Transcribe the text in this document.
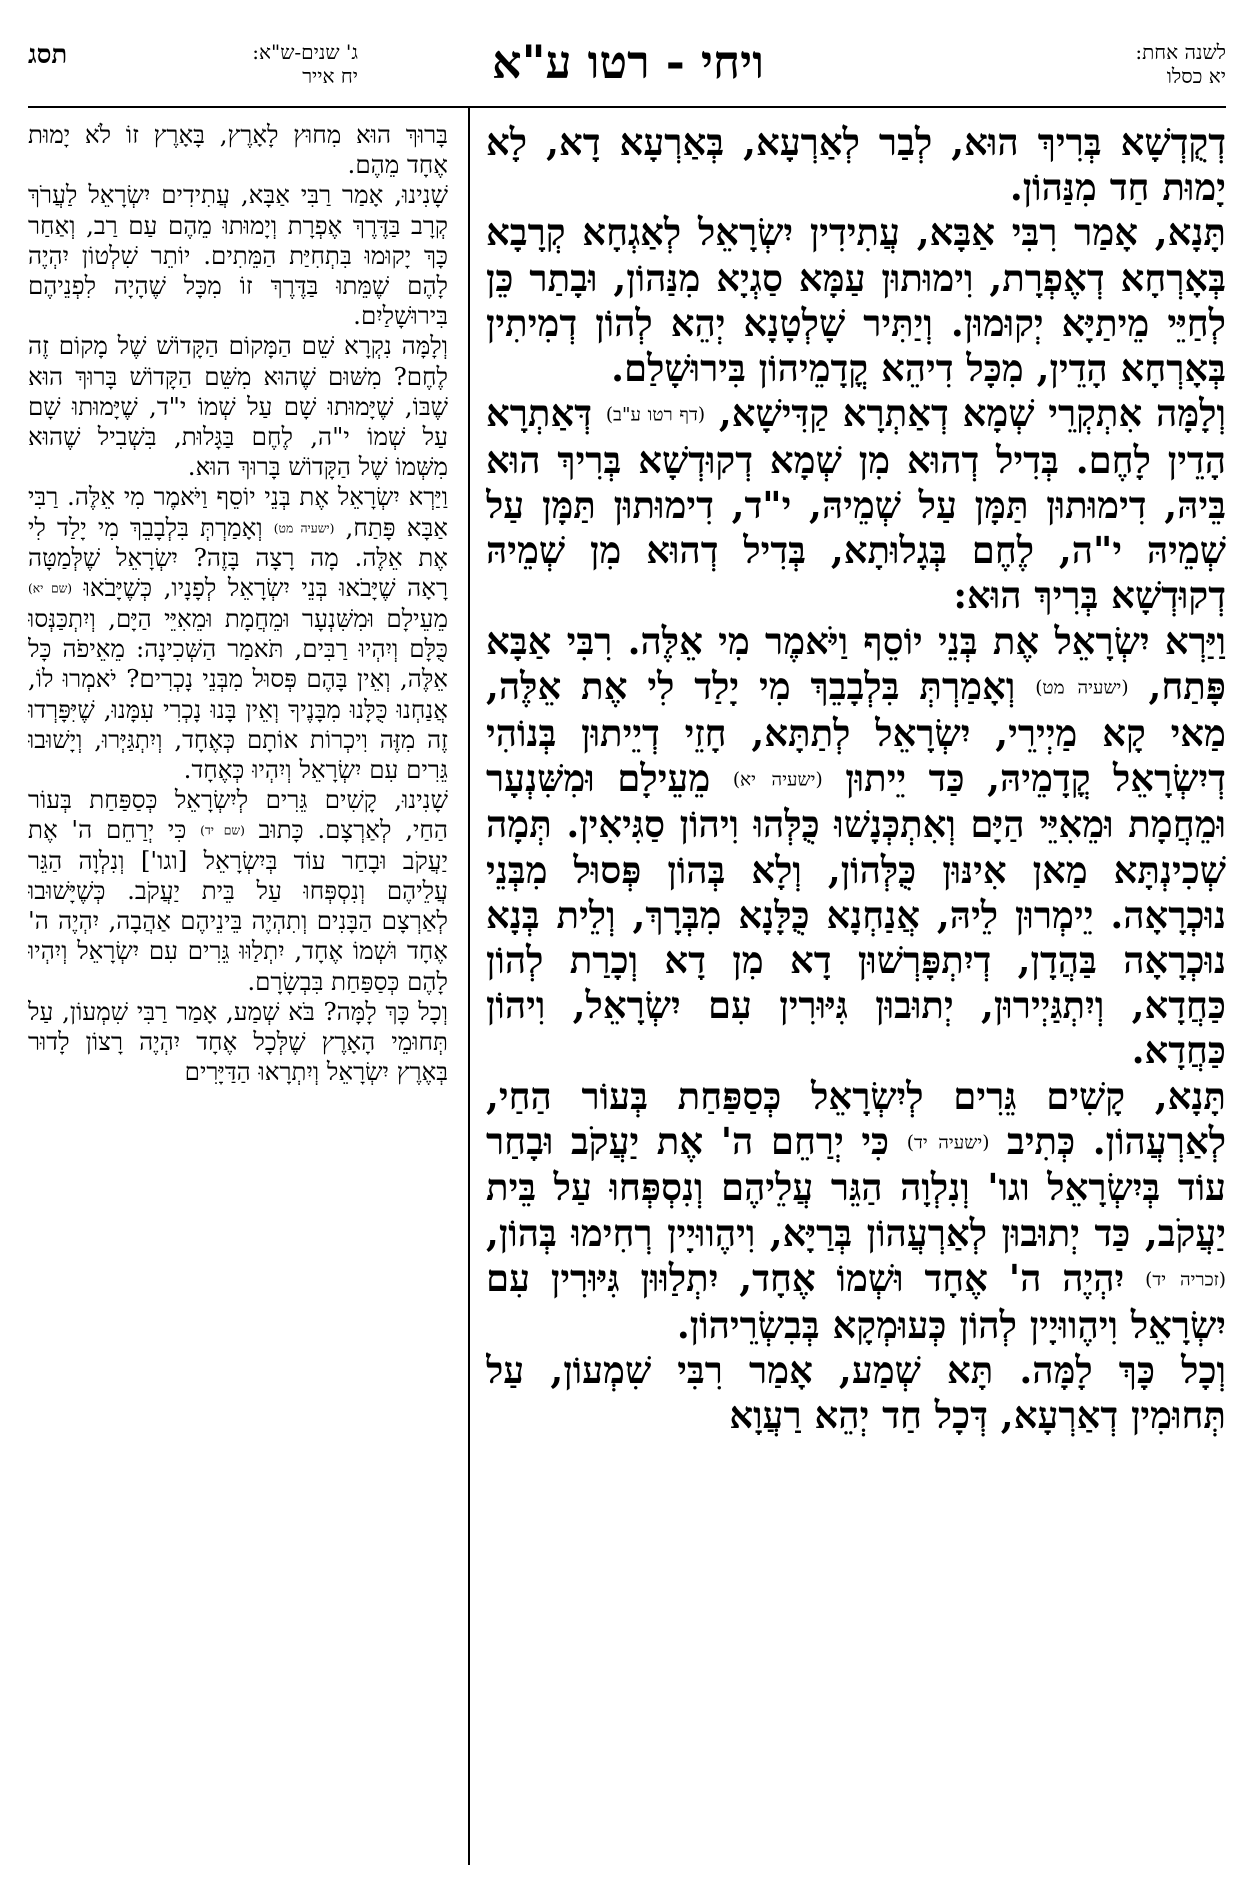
לשנה אחת:
יא כסלו
ויחי - רטו ע"א
ג' שנים-ש"א:
יח אייר
תסג

דְקֻדְשָׁא בְּרִיךְ הוּא, לְבַר לְאַרְעָא, בְּאַרְעָא דָא, לָא יָמוּת חַד מִנַּהוֹן.

תָּנָא, אָמַר רִבִּי אַבָּא, עֲתִידִין יִשְׂרָאֵל לְאַגְחָא קְרָבָא בְּאָרְחָא דְאֶפְרָת, וִימוּתוּן עַמָּא סַגְיָא מִנַּהוֹן, וּבָתַר כֵּן לְחַיֵּי מֵיתַיָּא יְקוּמוּן. וְיַתִּיר שָׁלְטָנָא יְהֵא לְהוֹן דְמִיתִין בְּאָרְחָא הָדֵין, מִכָּל דִיהֵא קֳדָמֵיהוֹן בִּירוּשָׁלַם.

וְלָמָּה אִתְקְרֵי שְׁמָא דְאַתְרָא קַדִּישָׁא, (דף רטו ע"ב) דְּאַתְרָא הָדֵין לָחֶם. בְּדִיל דְהוּא מִן שְׁמָא דְקוּדְשָׁא בְּרִיךְ הוּא בֵּיהּ, דִימוּתוּן תַּמָּן עַל שְׁמֵיהּ, י"ד, דִימוּתוּן תַּמָּן עַל שְׁמֵיהּ י"ה, לֶחֶם בְּגָלוּתָא, בְּדִיל דְהוּא מִן שְׁמֵיהּ דְקוּדְשָׁא בְּרִיךְ הוּא:

וַיַּרְא יִשְׂרָאֵל אֶת בְּנֵי יוֹסֵף וַיֹּאמֶר מִי אֵלֶּה. רִבִּי אַבָּא פָּתַח, (ישעיה מט) וְאָמַרְתְּ בִּלְבָבֵךְ מִי יָלַד לִי אֶת אֵלֶּה, מַאי קָא מַיְירֵי, יִשְׂרָאֵל לְתַתָּא, חָזֵי דְיֵיתוּן בְּנוֹהִי דְיִשְׂרָאֵל קֳדָמֵיהּ, כַּד יֵיתוּן (ישעיה יא) מֵעֵילָם וּמִשִּׁנְעָר וּמֵחֲמָת וּמֵאִיֵּי הַיָּם וְאִתְכְּנָשׁוּ כֻּלְּהוּ וִיהוֹן סַגִּיאִין. תְּמָה שְׁכִינְתָּא מַאן אִינּוּן כֻּלְּהוֹן, וְלָא בְּהוֹן פְּסוּל מִבְּנֵי נוּכְרָאָה. יֵימְרוּן לֵיהּ, אֲנַחְנָא כֻּלָּנָא מִבְּרָךְ, וְלֵית בְּנָא נוּכְרָאָה בַּהֲדָן, דְיִתְפָּרְשׁוּן דָא מִן דָא וְכָרַת לְהוֹן כַּחֲדָא, וְיִתְגַּיְירוּן, יְתוּבוּן גִּיּוּרִין עִם יִשְׂרָאֵל, וִיהוֹן כַּחֲדָא.

תָּנָא, קָשִׁים גֵּרִים לְיִשְׂרָאֵל כְּסַפַּחַת בְּעוֹר הַחַי, לְאַרְעֲהוֹן. כְּתִיב (ישעיה יד) כִּי יְרַחֵם ה' אֶת יַעֲקֹב וּבָחַר עוֹד בְּיִשְׂרָאֵל וגו' וְנִלְוָה הַגֵּר עֲלֵיהֶם וְנִסְפְּחוּ עַל בֵּית יַעֲקֹב, כַּד יְתוּבוּן לְאַרְעֲהוֹן בְּרַיָּא, וִיהֶווּיָין רְחִימוּ בְּהוֹן, (זכריה יד) יִהְיֶה ה' אֶחָד וּשְׁמוֹ אֶחָד, יִתְלַוּוּן גִּיּוּרִין עִם יִשְׂרָאֵל וִיהֶווּיָין לְהוֹן כְּעוּמְקָא בְּבִשְׂרֵיהוֹן.

וְכָל כָּךְ לָמָּה. תָּא שְׁמַע, אָמַר רִבִּי שִׁמְעוֹן, עַל תְּחוּמִין דְאַרְעָא, דְּכָל חַד יְהֵא רַעֲוָא

בָּרוּךְ הוּא מִחוּץ לָאָרֶץ, בָּאָרֶץ זוֹ לֹא יָמוּת אֶחָד מֵהֶם.

שָׁנִינוּ, אָמַר רַבִּי אַבָּא, עֲתִידִים יִשְׂרָאֵל לַעֲרֹךְ קְרָב בַּדֶּרֶךְ אֶפְרָת וְיָמוּתוּ מֵהֶם עַם רַב, וְאַחַר כָּךְ יָקוּמוּ בִּתְחִיַּת הַמֵּתִים. יוֹתֵר שִׁלְטוֹן יִהְיֶה לָהֶם שֶׁמֵּתוּ בַּדֶּרֶךְ זוֹ מִכָּל שֶׁהָיָה לִפְנֵיהֶם בִּירוּשָׁלַיִם.

וְלָמָּה נִקְרָא שֵׁם הַמָּקוֹם הַקָּדוֹשׁ שֶׁל מָקוֹם זֶה לֶחֶם? מִשּׁוּם שֶׁהוּא מִשֵּׁם הַקָּדוֹשׁ בָּרוּךְ הוּא שֶׁבּוֹ, שֶׁיָּמוּתוּ שָׁם עַל שְׁמוֹ י"ד, שֶׁיָּמוּתוּ שָׁם עַל שְׁמוֹ י"ה, לֶחֶם בַּגָּלוּת, בִּשְׁבִיל שֶׁהוּא מִשְּׁמוֹ שֶׁל הַקָּדוֹשׁ בָּרוּךְ הוּא.

וַיַּרְא יִשְׂרָאֵל אֶת בְּנֵי יוֹסֵף וַיֹּאמֶר מִי אֵלֶּה. רַבִּי אַבָּא פָּתַח, (ישעיה מט) וְאָמַרְתְּ בִּלְבָבֵךְ מִי יָלַד לִי אֶת אֵלֶּה. מָה רָצָה בָּזֶה? יִשְׂרָאֵל שֶׁלְּמַטָּה רָאָה שֶׁיָּבֹאוּ בְּנֵי יִשְׂרָאֵל לְפָנָיו, כְּשֶׁיָּבֹאוּ (שם יא) מֵעֵילָם וּמִשִּׁנְעָר וּמֵחֲמָת וּמֵאִיֵּי הַיָּם, וְיִתְכַּנְּסוּ כֻּלָּם וְיִהְיוּ רַבִּים, תֹּאמַר הַשְּׁכִינָה: מֵאֵיפֹה כָּל אֵלֶּה, וְאֵין בָּהֶם פְּסוּל מִבְּנֵי נָכְרִים? יֹאמְרוּ לוֹ, אֲנַחְנוּ כֻּלָּנוּ מִבָּנֶיךָ וְאֵין בָּנוּ נָכְרִי עִמָּנוּ, שֶׁיִּפָּרְדוּ זֶה מִזֶּה וִיכְרוֹת אוֹתָם כְּאֶחָד, וְיִתְגַּיְּרוּ, וְיָשׁוּבוּ גֵּרִים עִם יִשְׂרָאֵל וְיִהְיוּ כְּאֶחָד.

שָׁנִינוּ, קָשִׁים גֵּרִים לְיִשְׂרָאֵל כְּסַפַּחַת בְּעוֹר הַחַי, לְאַרְצָם. כָּתוּב (שם יד) כִּי יְרַחֵם ה' אֶת יַעֲקֹב וּבָחַר עוֹד בְּיִשְׂרָאֵל [וגו'] וְנִלְוָה הַגֵּר עֲלֵיהֶם וְנִסְפְּחוּ עַל בֵּית יַעֲקֹב. כְּשֶׁיָּשׁוּבוּ לְאַרְצָם הַבָּנִים וְתִהְיֶה בֵּינֵיהֶם אַהֲבָה, יִהְיֶה ה' אֶחָד וּשְׁמוֹ אֶחָד, יִתְלַוּוּ גֵּרִים עִם יִשְׂרָאֵל וְיִהְיוּ לָהֶם כְּסַפַּחַת בִּבְשָׂרָם.

וְכָל כָּךְ לָמָּה? בֹּא שְׁמַע, אָמַר רַבִּי שִׁמְעוֹן, עַל תְּחוּמֵי הָאָרֶץ שֶׁלְּכָל אֶחָד יִהְיֶה רָצוֹן לָדוּר בְּאֶרֶץ יִשְׂרָאֵל וְיִתְרָאוּ הַדַּיָּרִים
